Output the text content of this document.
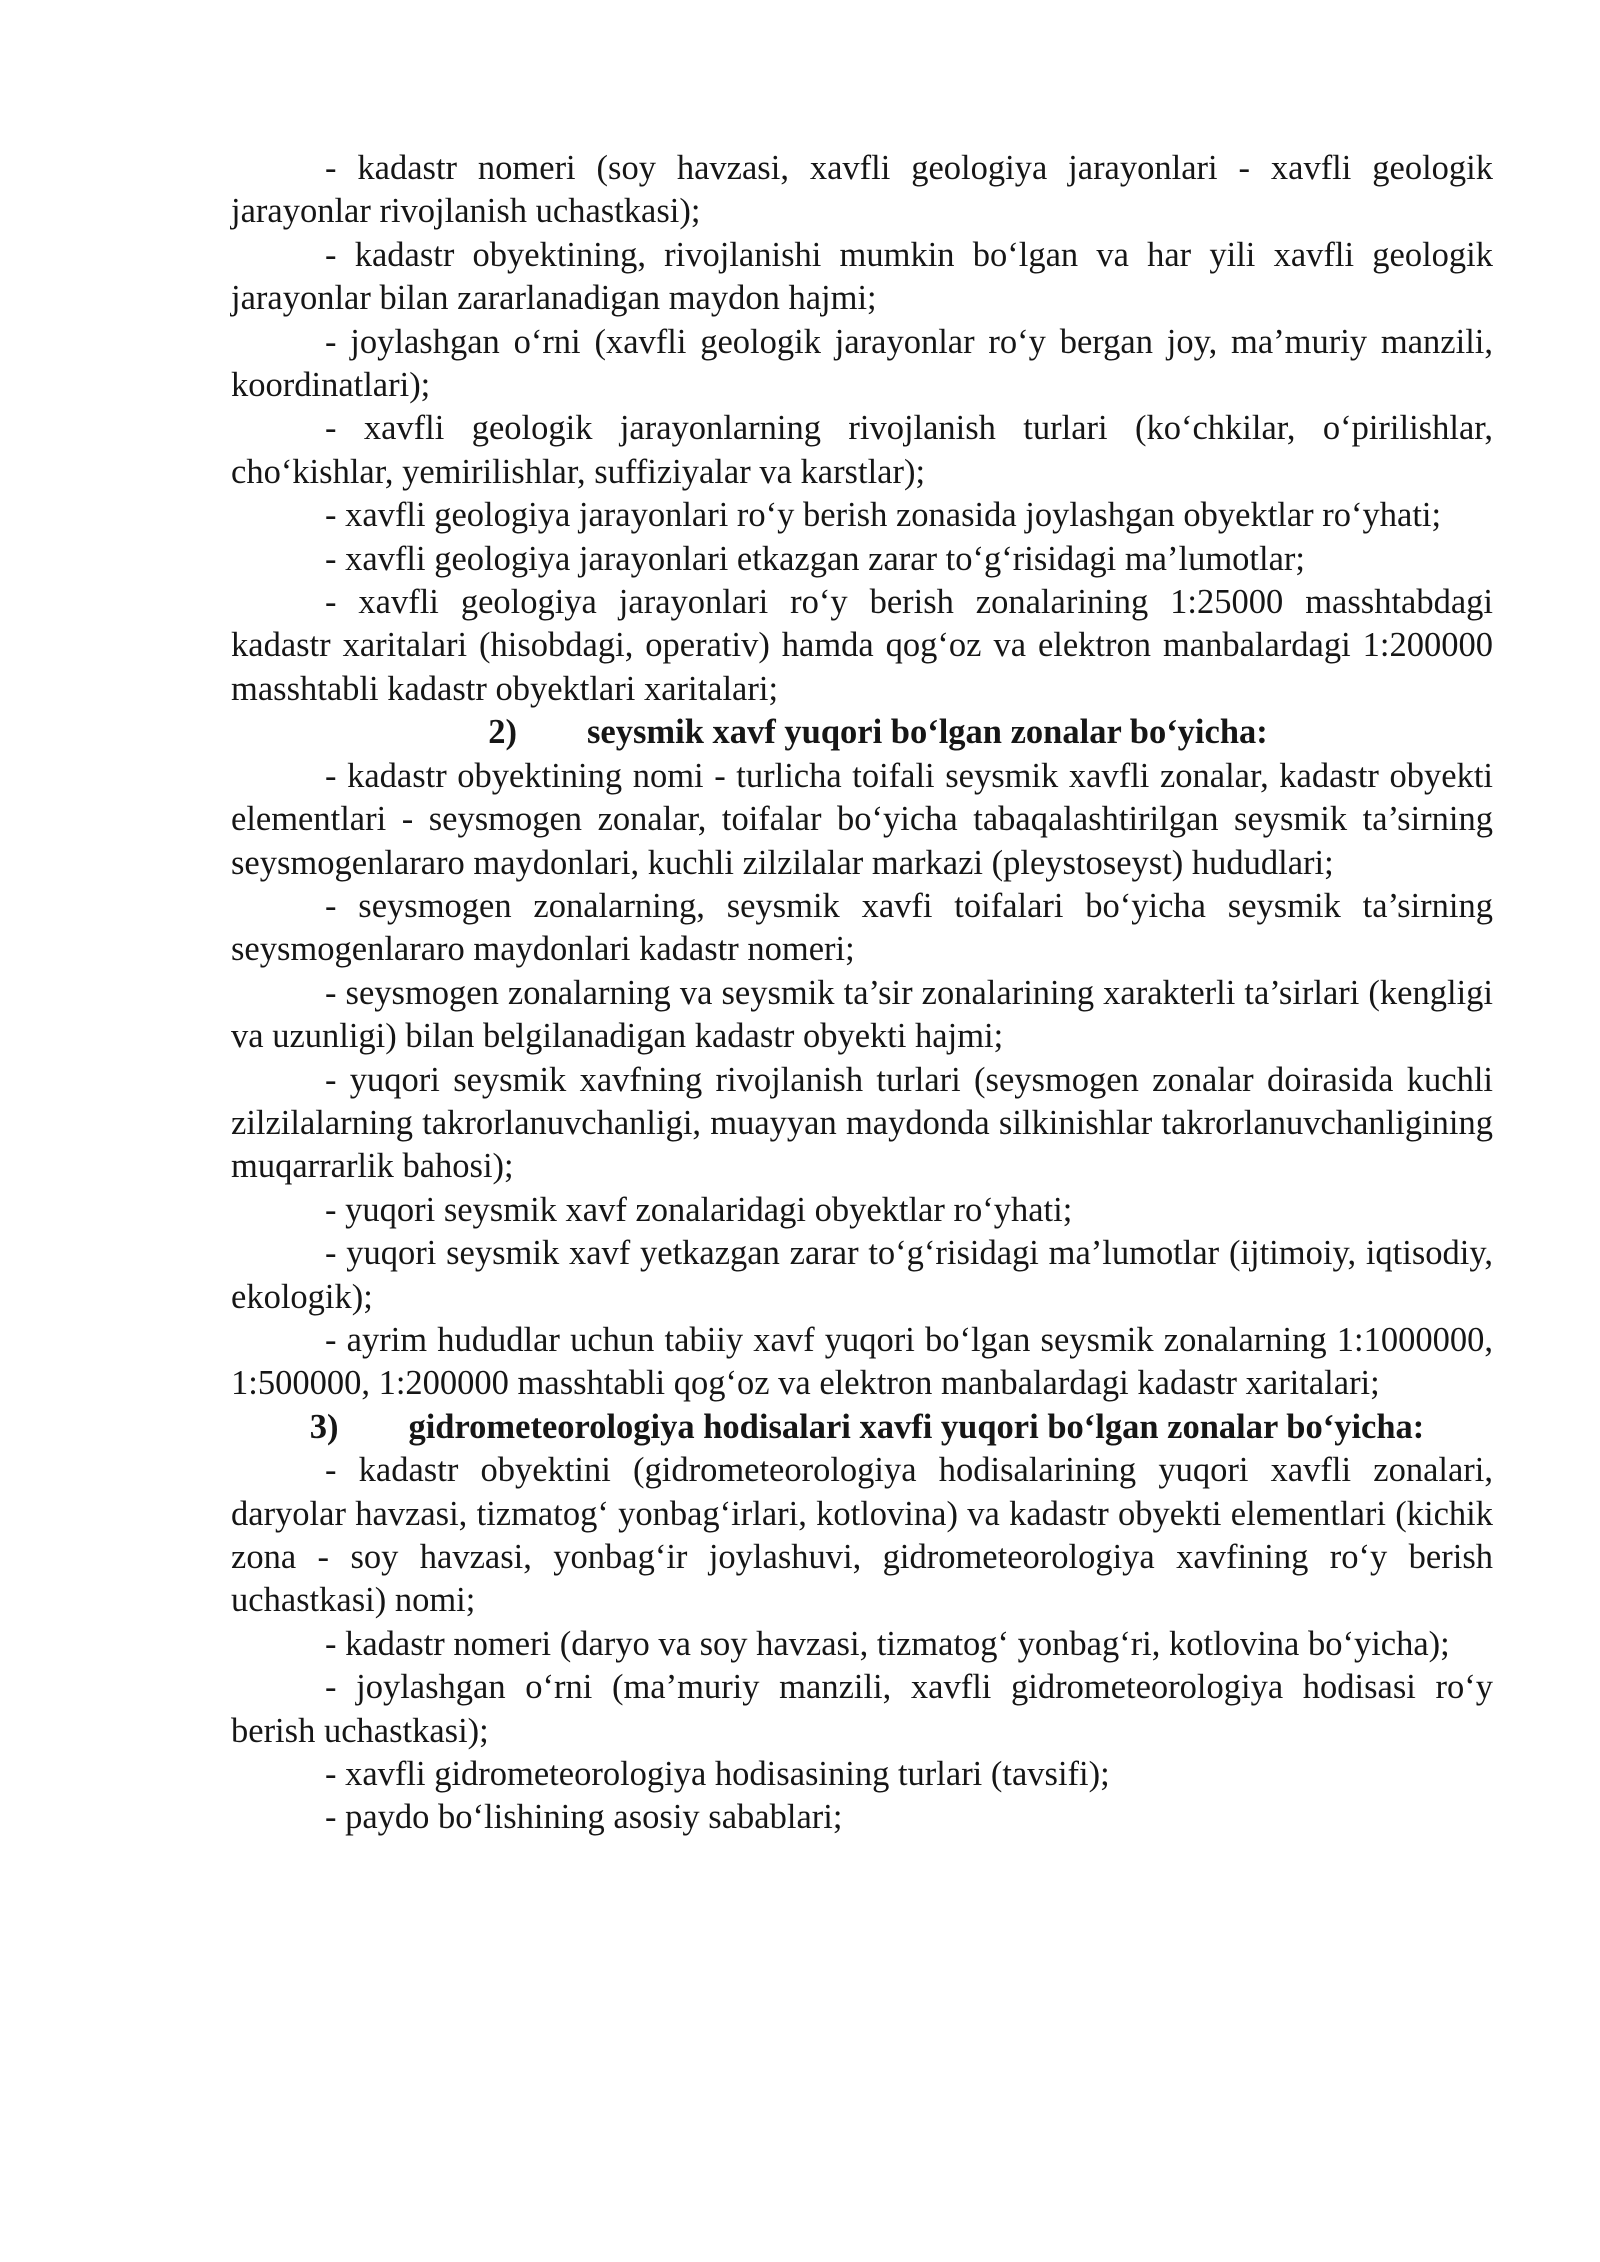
- kadastr nomeri (soy havzasi, xavfli geologiya jarayonlari - xavfli geologik jarayonlar rivojlanish uchastkasi);

- kadastr obyektining, rivojlanishi mumkin bo‘lgan va har yili xavfli geologik jarayonlar bilan zararlanadigan maydon hajmi;

- joylashgan o‘rni (xavfli geologik jarayonlar ro‘y bergan joy, ma’muriy manzili, koordinatlari);

- xavfli geologik jarayonlarning rivojlanish turlari (ko‘chkilar, o‘pirilishlar, cho‘kishlar, yemirilishlar, suffiziyalar va karstlar);

- xavfli geologiya jarayonlari ro‘y berish zonasida joylashgan obyektlar ro‘yhati;

- xavfli geologiya jarayonlari etkazgan zarar to‘g‘risidagi ma’lumotlar;

- xavfli geologiya jarayonlari ro‘y berish zonalarining 1:25000 masshtabdagi kadastr xaritalari (hisobdagi, operativ) hamda qog‘oz va elektron manbalardagi 1:200000 masshtabli kadastr obyektlari xaritalari;

2) seysmik xavf yuqori bo‘lgan zonalar bo‘yicha:

- kadastr obyektining nomi - turlicha toifali seysmik xavfli zonalar, kadastr obyekti elementlari - seysmogen zonalar, toifalar bo‘yicha tabaqalashtirilgan seysmik ta’sirning seysmogenlararo maydonlari, kuchli zilzilalar markazi (pleystoseyst) hududlari;

- seysmogen zonalarning, seysmik xavfi toifalari bo‘yicha seysmik ta’sirning seysmogenlararo maydonlari kadastr nomeri;

- seysmogen zonalarning va seysmik ta’sir zonalarining xarakterli ta’sirlari (kengligi va uzunligi) bilan belgilanadigan kadastr obyekti hajmi;

- yuqori seysmik xavfning rivojlanish turlari (seysmogen zonalar doirasida kuchli zilzilalarning takrorlanuvchanligi, muayyan maydonda silkinishlar takrorlanuvchanligining muqarrarlik bahosi);

- yuqori seysmik xavf zonalaridagi obyektlar ro‘yhati;

- yuqori seysmik xavf yetkazgan zarar to‘g‘risidagi ma’lumotlar (ijtimoiy, iqtisodiy, ekologik);

- ayrim hududlar uchun tabiiy xavf yuqori bo‘lgan seysmik zonalarning 1:1000000, 1:500000, 1:200000 masshtabli qog‘oz va elektron manbalardagi kadastr xaritalari;

3) gidrometeorologiya hodisalari xavfi yuqori bo‘lgan zonalar bo‘yicha:

- kadastr obyektini (gidrometeorologiya hodisalarining yuqori xavfli zonalari, daryolar havzasi, tizmatog‘ yonbag‘irlari, kotlovina) va kadastr obyekti elementlari (kichik zona - soy havzasi, yonbag‘ir joylashuvi, gidrometeorologiya xavfining ro‘y berish uchastkasi) nomi;

- kadastr nomeri (daryo va soy havzasi, tizmatog‘ yonbag‘ri, kotlovina bo‘yicha);

- joylashgan o‘rni (ma’muriy manzili, xavfli gidrometeorologiya hodisasi ro‘y berish uchastkasi);

- xavfli gidrometeorologiya hodisasining turlari (tavsifi);

- paydo bo‘lishining asosiy sabablari;
